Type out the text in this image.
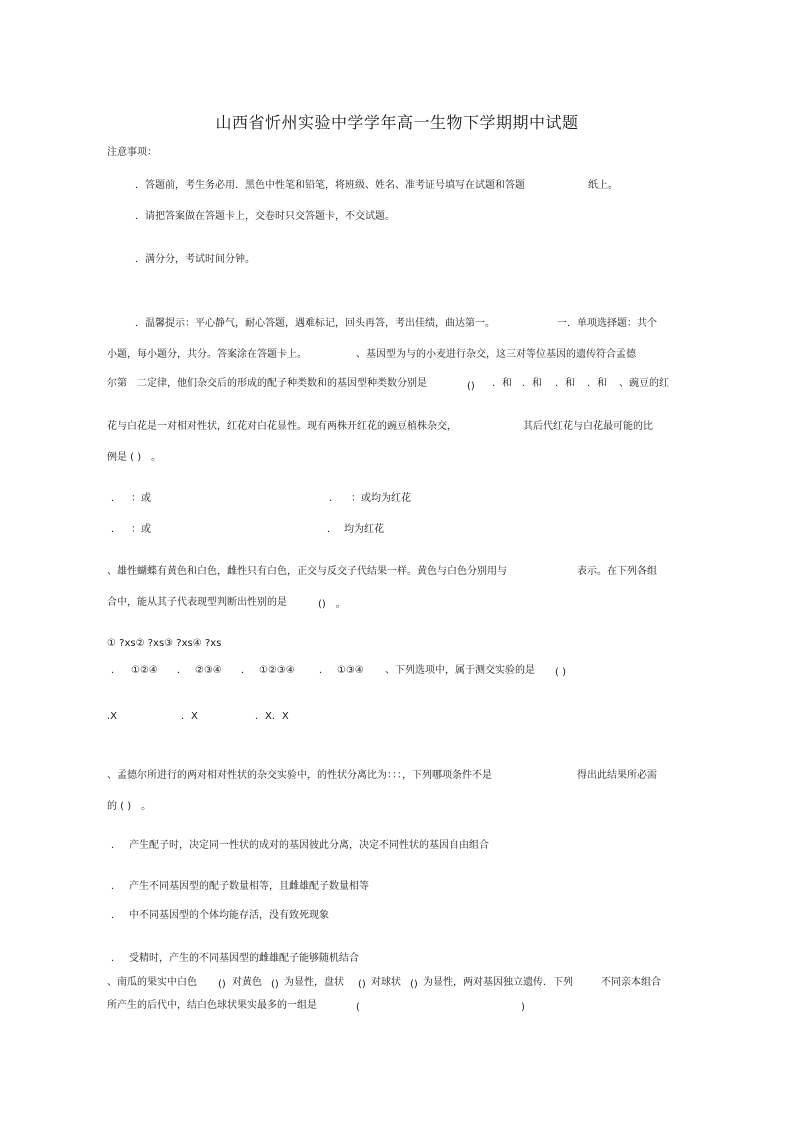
山西省忻州实验中学学年高一生物下学期期中试题
注意事项：
．答题前，考生务必用．黑色中性笔和铅笔，将班级、姓名、准考证号填写在试题和答题	纸上。
．请把答案做在答题卡上，交卷时只交答题卡，不交试题。
．满分分，考试时间分钟。
．温馨提示：平心静气，耐心答题，遇难标记，回头再答，考出佳绩，曲达第一。	一．单项选择题：共个
小题，每小题分，共分。答案涂在答题卡上。	、基因型为与的小麦进行杂交，这三对等位基因的遗传符合孟德
尔第　二定律，他们杂交后的形成的配子种类数和的基因型种类数分别是	() ．和 ．和 ．和 ．和 、豌豆的红
花与白花是一对相对性状，红花对白花显性。现有两株开红花的豌豆植株杂交，	其后代红花与白花最可能的比
例是 ( )　。
． ：或	． ：或均为红花
． ：或	． 均为红花
、雄性蝴蝶有黄色和白色，雌性只有白色，正交与反交子代结果一样。黄色与白色分别用与	表示。在下列各组
合中，能从其子代表现型判断出性别的是	()　。
① ?xs② ?xs③ ?xs④ ?xs
． ①②④ ． ②③④ ． ①②③④ ． ①③④ 、下列选项中，属于测交实验的是 ( )
.X	．X	．X．X
、孟德尔所进行的两对相对性状的杂交实验中，的性状分离比为：：：，下列哪项条件不是	得出此结果所必需
的 ( )　。
． 产生配子时，决定同一性状的成对的基因彼此分离，决定不同性状的基因自由组合
． 产生不同基因型的配子数量相等，且雌雄配子数量相等
． 中不同基因型的个体均能存活，没有致死现象
． 受精时，产生的不同基因型的雌雄配子能够随机结合
、南瓜的果实中白色 () 对黄色 () 为显性，盘状 () 对球状 () 为显性，两对基因独立遗传．下列	不同亲本组合
所产生的后代中，结白色球状果实最多的一组是	(	)
